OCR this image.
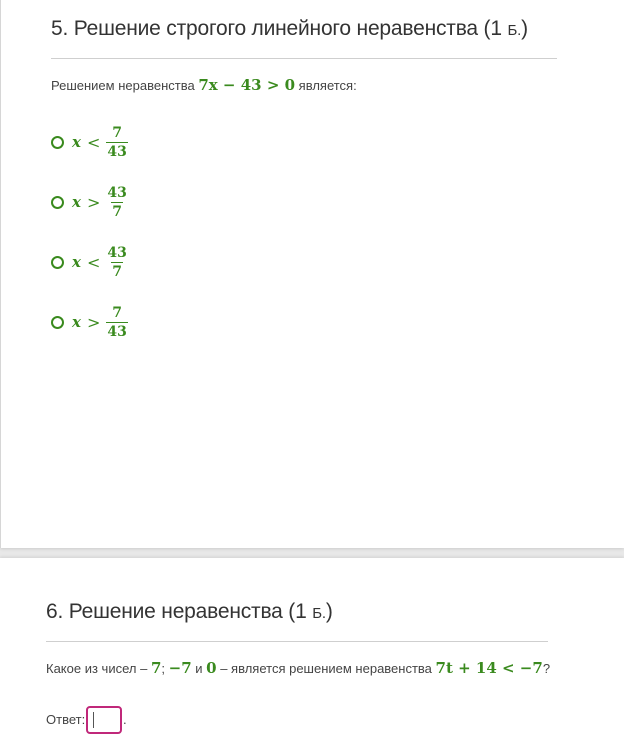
5. Решение строгого линейного неравенства (1 Б.)
Решением неравенства 7x − 43 > 0 является:
$x < \frac{7}{43}$
$x > \frac{43}{7}$
$x < \frac{43}{7}$
$x > \frac{7}{43}$
6. Решение неравенства (1 Б.)
Какое из чисел – 7; −7 и 0 – является решением неравенства 7t + 14 < −7?
Ответ:	.
